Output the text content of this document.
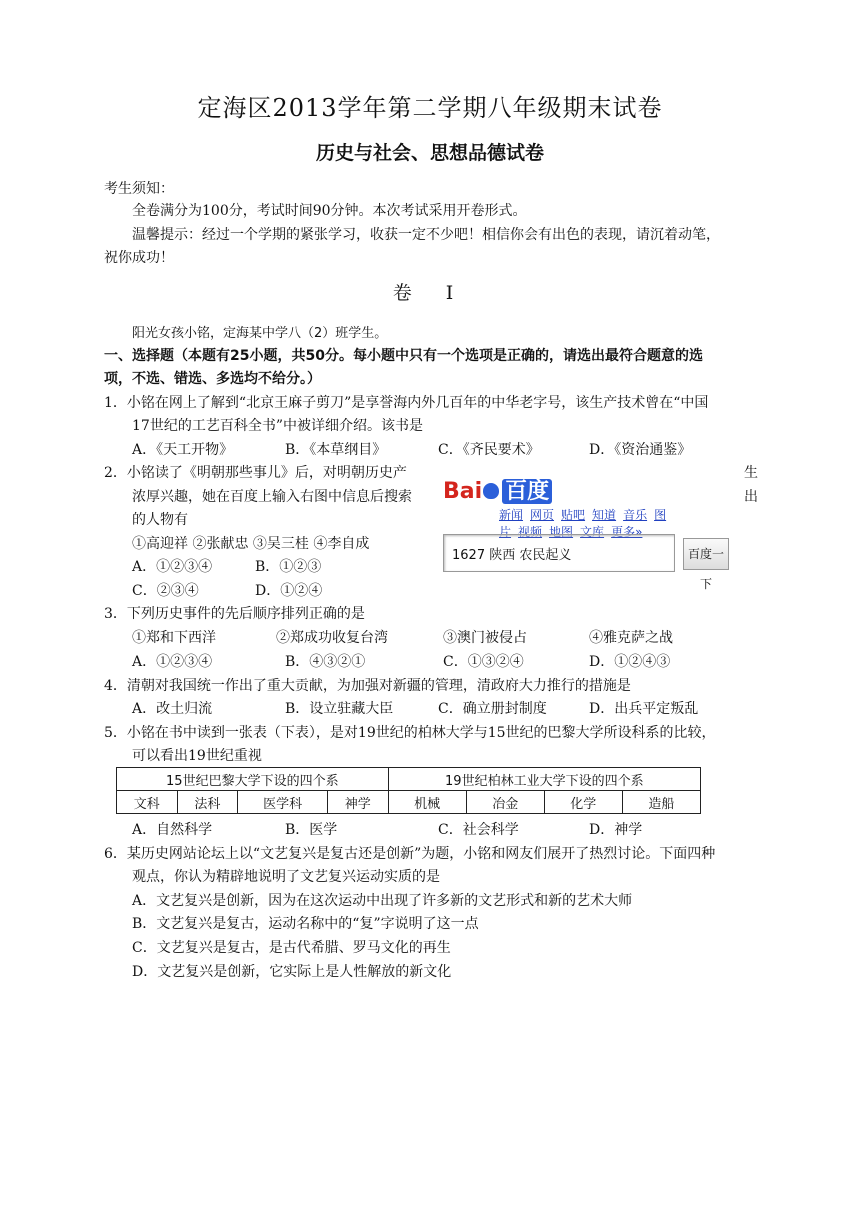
定海区2013学年第二学期八年级期末试卷
历史与社会、思想品德试卷
考生须知：
全卷满分为100分，考试时间90分钟。本次考试采用开卷形式。
温馨提示：经过一个学期的紧张学习，收获一定不少吧！相信你会有出色的表现，请沉着动笔，
祝你成功！
卷 I
阳光女孩小铭，定海某中学八（2）班学生。
一、选择题（本题有25小题，共50分。每小题中只有一个选项是正确的，请选出最符合题意的选
项，不选、错选、多选均不给分。）
1．小铭在网上了解到“北京王麻子剪刀”是享誉海内外几百年的中华老字号，该生产技术曾在“中国
17世纪的工艺百科全书”中被详细介绍。该书是
A．《天工开物》	B．《本草纲目》	C．《齐民要术》	D．《资治通鉴》
2．小铭读了《明朝那些事儿》后，对明朝历史产	生
浓厚兴趣，她在百度上输入右图中信息后搜索	出
的人物有
①高迎祥 ②张献忠 ③吴三桂 ④李自成
A．①②③④	B．①②③
C．②③④	D．①②④
Bai 百度
新闻 网页 贴吧 知道 音乐 图片 视频 地图 文库 更多»
1627 陕西 农民起义	百度一下
3．下列历史事件的先后顺序排列正确的是
①郑和下西洋	②郑成功收复台湾	③澳门被侵占	④雅克萨之战
A．①②③④	B．④③②①	C．①③②④	D．①②④③
4．清朝对我国统一作出了重大贡献，为加强对新疆的管理，清政府大力推行的措施是
A．改土归流	B．设立驻藏大臣	C．确立册封制度	D．出兵平定叛乱
5．小铭在书中读到一张表（下表），是对19世纪的柏林大学与15世纪的巴黎大学所设科系的比较，
可以看出19世纪重视
15世纪巴黎大学下设的四个系				19世纪柏林工业大学下设的四个系			
文科	法科	医学科	神学	机械	冶金	化学	造船
A．自然科学	B．医学	C．社会科学	D．神学
6．某历史网站论坛上以“文艺复兴是复古还是创新”为题，小铭和网友们展开了热烈讨论。下面四种
观点，你认为精辟地说明了文艺复兴运动实质的是
A．文艺复兴是创新，因为在这次运动中出现了许多新的文艺形式和新的艺术大师
B．文艺复兴是复古，运动名称中的“复”字说明了这一点
C．文艺复兴是复古，是古代希腊、罗马文化的再生
D．文艺复兴是创新，它实际上是人性解放的新文化
